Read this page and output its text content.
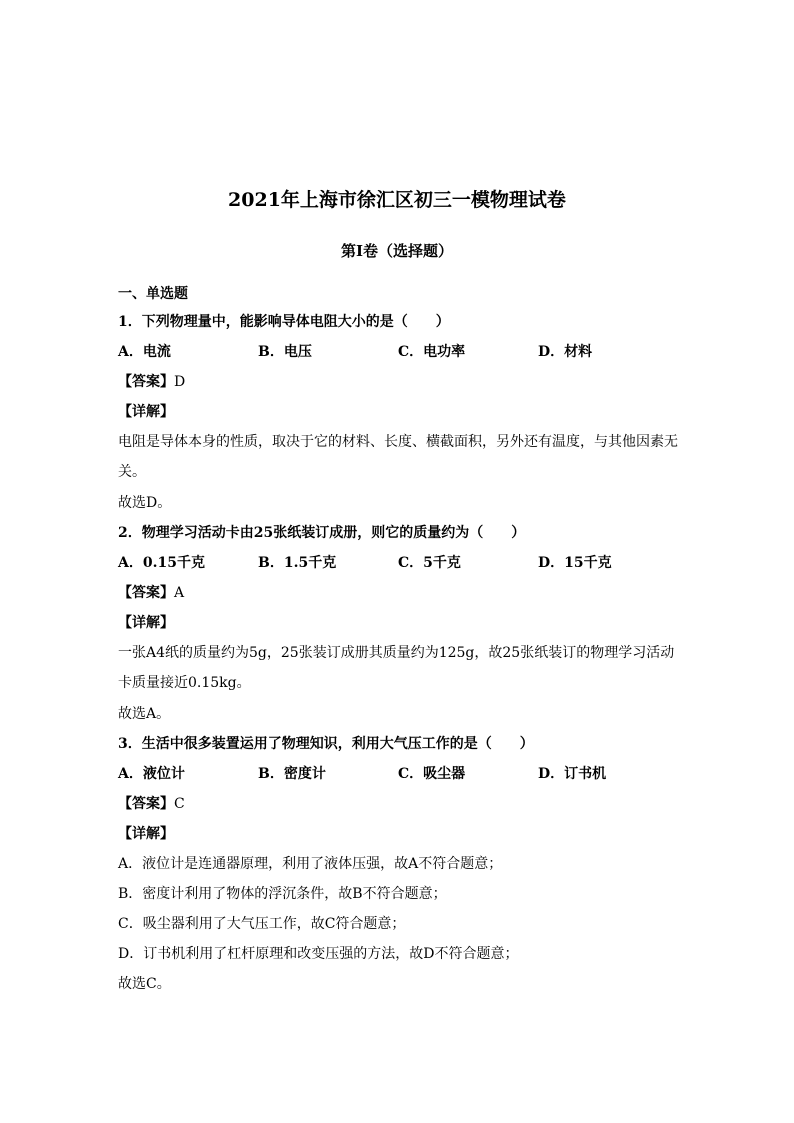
2021年上海市徐汇区初三一模物理试卷
第I卷（选择题）
一、单选题
1．下列物理量中，能影响导体电阻大小的是（　　）
A．电流	B．电压	C．电功率	D．材料
【答案】D
【详解】
电阻是导体本身的性质，取决于它的材料、长度、横截面积，另外还有温度，与其他因素无关。
故选D。
2．物理学习活动卡由25张纸装订成册，则它的质量约为（　　）
A．0.15千克	B．1.5千克	C．5千克	D．15千克
【答案】A
【详解】
一张A4纸的质量约为5g，25张装订成册其质量约为125g，故25张纸装订的物理学习活动卡质量接近0.15kg。
故选A。
3．生活中很多装置运用了物理知识，利用大气压工作的是（　　）
A．液位计	B．密度计	C．吸尘器	D．订书机
【答案】C
【详解】
A．液位计是连通器原理，利用了液体压强，故A不符合题意；
B．密度计利用了物体的浮沉条件，故B不符合题意；
C．吸尘器利用了大气压工作，故C符合题意；
D．订书机利用了杠杆原理和改变压强的方法，故D不符合题意；
故选C。
